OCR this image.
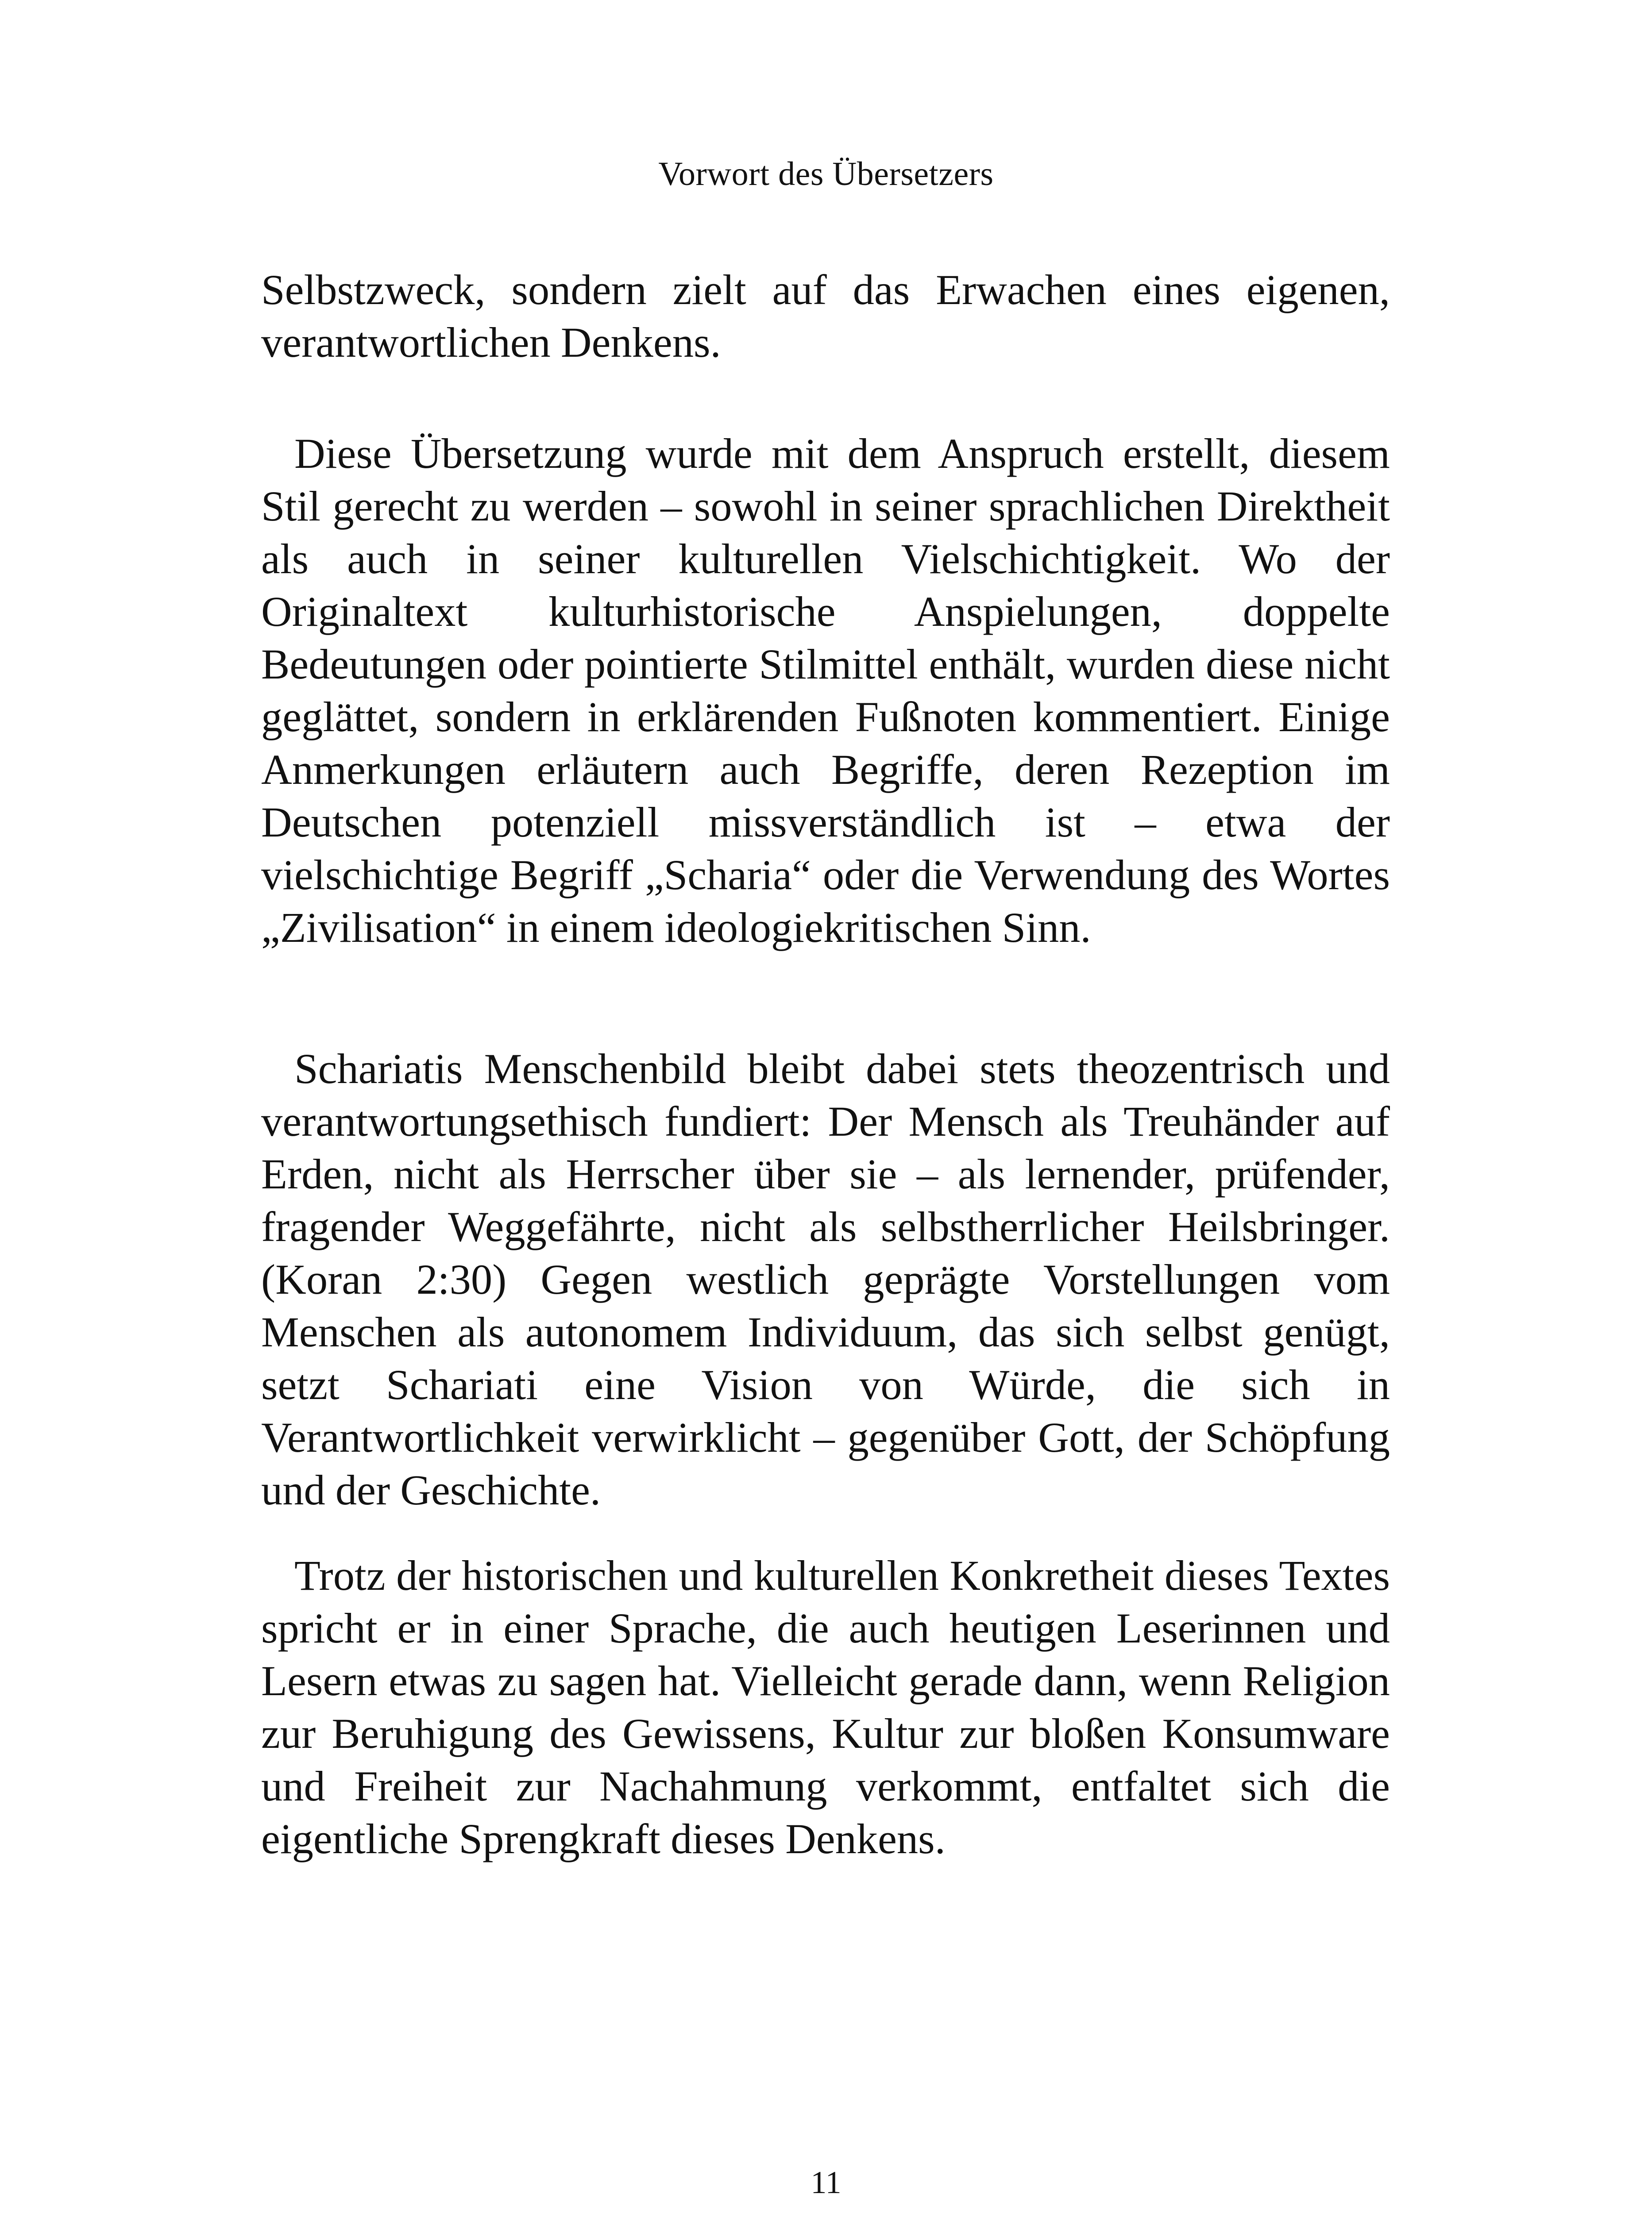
Vorwort des Übersetzers

Selbstzweck, sondern zielt auf das Erwachen eines eigenen, verantwortlichen Denkens.

Diese Übersetzung wurde mit dem Anspruch erstellt, diesem Stil gerecht zu werden – sowohl in seiner sprachlichen Direktheit als auch in seiner kulturellen Vielschichtigkeit. Wo der Originaltext kulturhistorische Anspielungen, doppelte Bedeutungen oder pointierte Stilmittel enthält, wurden diese nicht geglättet, sondern in erklärenden Fußnoten kommentiert. Einige Anmerkungen erläutern auch Begriffe, deren Rezeption im Deutschen potenziell missverständlich ist – etwa der vielschichtige Begriff „Scharia“ oder die Verwendung des Wortes „Zivilisation“ in einem ideologiekritischen Sinn.

Schariatis Menschenbild bleibt dabei stets theozentrisch und verantwortungsethisch fundiert: Der Mensch als Treuhänder auf Erden, nicht als Herrscher über sie – als lernender, prüfender, fragender Weggefährte, nicht als selbstherrlicher Heilsbringer. (Koran 2:30) Gegen westlich geprägte Vorstellungen vom Menschen als autonomem Individuum, das sich selbst genügt, setzt Schariati eine Vision von Würde, die sich in Verantwortlichkeit verwirklicht – gegenüber Gott, der Schöpfung und der Geschichte.

Trotz der historischen und kulturellen Konkretheit dieses Textes spricht er in einer Sprache, die auch heutigen Leserinnen und Lesern etwas zu sagen hat. Vielleicht gerade dann, wenn Religion zur Beruhigung des Gewissens, Kultur zur bloßen Konsumware und Freiheit zur Nachahmung verkommt, entfaltet sich die eigentliche Sprengkraft dieses Denkens.

11
